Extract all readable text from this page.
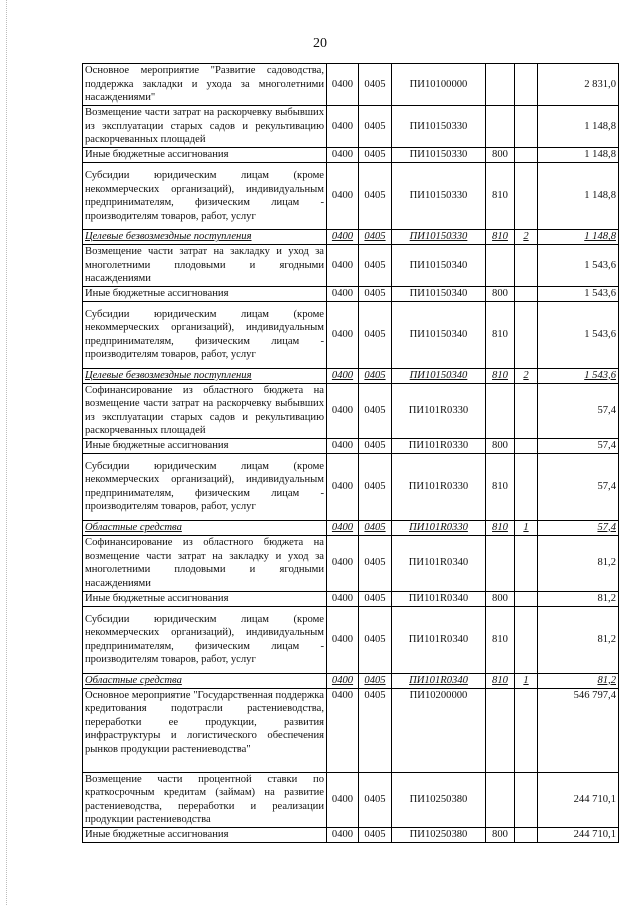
20
Основное мероприятие "Развитие садоводства, поддержка закладки и ухода за многолетними насаждениями"	0400	0405	ПИ10100000			2 831,0
Возмещение части затрат на раскорчевку выбывших из эксплуатации старых садов и рекультивацию раскорчеванных площадей	0400	0405	ПИ10150330			1 148,8
Иные бюджетные ассигнования	0400	0405	ПИ10150330	800		1 148,8
Субсидии юридическим лицам (кроме некоммерческих организаций), индивидуальным предпринимателям, физическим лицам - производителям товаров, работ, услуг	0400	0405	ПИ10150330	810		1 148,8
Целевые безвозмездные поступления	0400	0405	ПИ10150330	810	2	1 148,8
Возмещение части затрат на закладку и уход за многолетними плодовыми и ягодными насаждениями	0400	0405	ПИ10150340			1 543,6
Иные бюджетные ассигнования	0400	0405	ПИ10150340	800		1 543,6
Субсидии юридическим лицам (кроме некоммерческих организаций), индивидуальным предпринимателям, физическим лицам - производителям товаров, работ, услуг	0400	0405	ПИ10150340	810		1 543,6
Целевые безвозмездные поступления	0400	0405	ПИ10150340	810	2	1 543,6
Софинансирование из областного бюджета на возмещение части затрат на раскорчевку выбывших из эксплуатации старых садов и рекультивацию раскорчеванных площадей	0400	0405	ПИ101R0330			57,4
Иные бюджетные ассигнования	0400	0405	ПИ101R0330	800		57,4
Субсидии юридическим лицам (кроме некоммерческих организаций), индивидуальным предпринимателям, физическим лицам - производителям товаров, работ, услуг	0400	0405	ПИ101R0330	810		57,4
Областные средства	0400	0405	ПИ101R0330	810	1	57,4
Софинансирование из областного бюджета на возмещение части затрат на закладку и уход за многолетними плодовыми и ягодными насаждениями	0400	0405	ПИ101R0340			81,2
Иные бюджетные ассигнования	0400	0405	ПИ101R0340	800		81,2
Субсидии юридическим лицам (кроме некоммерческих организаций), индивидуальным предпринимателям, физическим лицам - производителям товаров, работ, услуг	0400	0405	ПИ101R0340	810		81,2
Областные средства	0400	0405	ПИ101R0340	810	1	81,2
Основное мероприятие "Государственная поддержка кредитования подотрасли растениеводства, переработки ее продукции, развития инфраструктуры и логистического обеспечения рынков продукции растениеводства"	0400	0405	ПИ10200000			546 797,4
Возмещение части процентной ставки по краткосрочным кредитам (займам) на развитие растениеводства, переработки и реализации продукции растениеводства	0400	0405	ПИ10250380			244 710,1
Иные бюджетные ассигнования	0400	0405	ПИ10250380	800		244 710,1
